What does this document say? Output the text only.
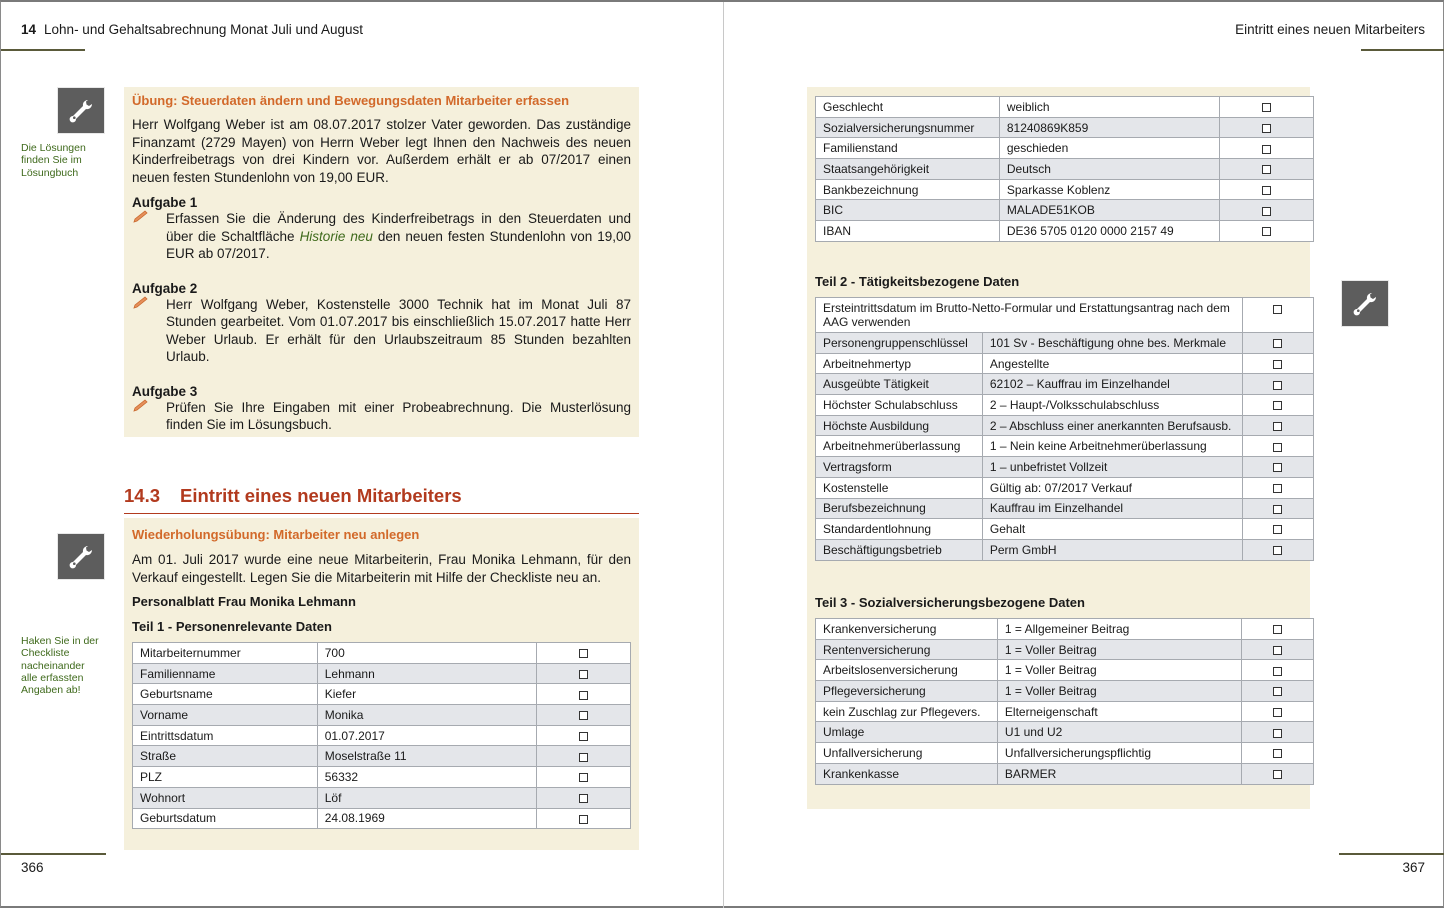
14 Lohn- und Gehaltsabrechnung Monat Juli und August
Die Lösungen finden Sie im Lösungbuch
Übung: Steuerdaten ändern und Bewegungsdaten Mitarbeiter erfassen
Herr Wolfgang Weber ist am 08.07.2017 stolzer Vater geworden. Das zuständige Finanzamt (2729 Mayen) von Herrn Weber legt Ihnen den Nachweis des neuen Kinderfreibetrags von drei Kindern vor. Außerdem erhält er ab 07/2017 einen neuen festen Stundenlohn von 19,00 EUR.
Aufgabe 1
Erfassen Sie die Änderung des Kinderfreibetrags in den Steuerdaten und über die Schaltfläche Historie neu den neuen festen Stundenlohn von 19,00 EUR ab 07/2017.
Aufgabe 2
Herr Wolfgang Weber, Kostenstelle 3000 Technik hat im Monat Juli 87 Stunden gearbeitet. Vom 01.07.2017 bis einschließlich 15.07.2017 hatte Herr Weber Urlaub. Er erhält für den Urlaubszeitraum 85 Stunden bezahlten Urlaub.
Aufgabe 3
Prüfen Sie Ihre Eingaben mit einer Probeabrechnung. Die Musterlösung finden Sie im Lösungsbuch.
14.3 Eintritt eines neuen Mitarbeiters
Haken Sie in der Checkliste nacheinander alle erfassten Angaben ab!
Wiederholungsübung: Mitarbeiter neu anlegen
Am 01. Juli 2017 wurde eine neue Mitarbeiterin, Frau Monika Lehmann, für den Verkauf eingestellt. Legen Sie die Mitarbeiterin mit Hilfe der Checkliste neu an.
Personalblatt Frau Monika Lehmann
Teil 1 - Personenrelevante Daten
Mitarbeiternummer	700	
Familienname	Lehmann	
Geburtsname	Kiefer	
Vorname	Monika	
Eintrittsdatum	01.07.2017	
Straße	Moselstraße 11	
PLZ	56332	
Wohnort	Löf	
Geburtsdatum	24.08.1969	
366
Eintritt eines neuen Mitarbeiters
Teil 2 - Tätigkeitsbezogene Daten
Teil 3 - Sozialversicherungsbezogene Daten
Geschlecht	weiblich	
Sozialversicherungsnummer	81240869K859	
Familienstand	geschieden	
Staatsangehörigkeit	Deutsch	
Bankbezeichnung	Sparkasse Koblenz	
BIC	MALADE51KOB	
IBAN	DE36 5705 0120 0000 2157 49	
Ersteintrittsdatum im Brutto-Netto-Formular und Erstattungsantrag nach dem AAG verwenden		
Personengruppenschlüssel	101 Sv - Beschäftigung ohne bes. Merkmale	
Arbeitnehmertyp	Angestellte	
Ausgeübte Tätigkeit	62102 – Kauffrau im Einzelhandel	
Höchster Schulabschluss	2 – Haupt-/Volksschulabschluss	
Höchste Ausbildung	2 – Abschluss einer anerkannten Berufsausb.	
Arbeitnehmerüberlassung	1 – Nein keine Arbeitnehmerüberlassung	
Vertragsform	1 – unbefristet Vollzeit	
Kostenstelle	Gültig ab: 07/2017 Verkauf	
Berufsbezeichnung	Kauffrau im Einzelhandel	
Standardentlohnung	Gehalt	
Beschäftigungsbetrieb	Perm GmbH	
Krankenversicherung	1 = Allgemeiner Beitrag	
Rentenversicherung	1 = Voller Beitrag	
Arbeitslosenversicherung	1 = Voller Beitrag	
Pflegeversicherung	1 = Voller Beitrag	
kein Zuschlag zur Pflegevers.	Elterneigenschaft	
Umlage	U1 und U2	
Unfallversicherung	Unfallversicherungspflichtig	
Krankenkasse	BARMER	
367
